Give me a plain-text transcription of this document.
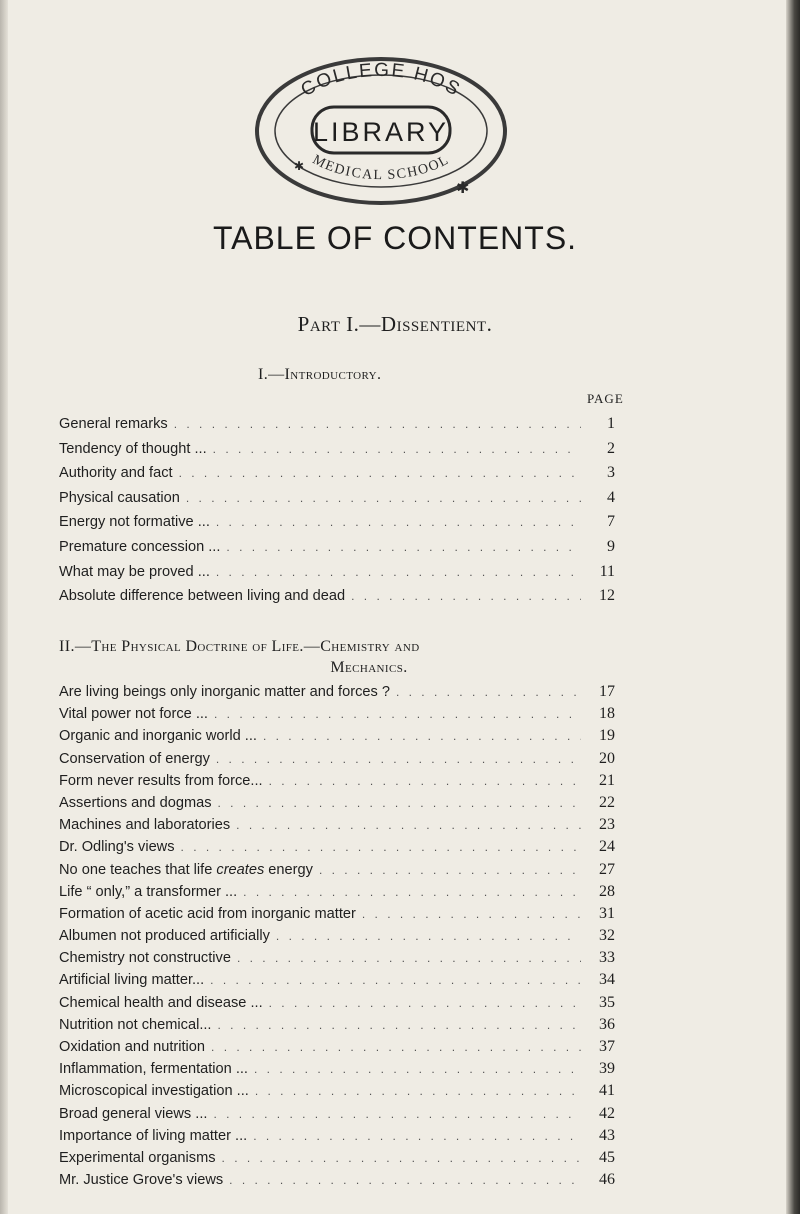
LIBRARY
COLLEGE HOS
MEDICAL SCHOOL
✱
✱
TABLE OF CONTENTS.
Part I.—Dissentient.
I.—Introductory.
PAGE
General remarks . . .	1
Tendency of thought ... . . .	2
Authority and fact . . .	3
Physical causation . . .	4
Energy not formative ... . . .	7
Premature concession ... . . .	9
What may be proved ... . . .	11
Absolute difference between living and dead . . .	12
II.—The Physical Doctrine of Life.—Chemistry and
Mechanics.
Are living beings only inorganic matter and forces ? . . .	17
Vital power not force ... . . .	18
Organic and inorganic world ... . . .	19
Conservation of energy . . .	20
Form never results from force... . . .	21
Assertions and dogmas . . .	22
Machines and laboratories . . .	23
Dr. Odling's views . . .	24
No one teaches that life creates energy . . .	27
Life “ only,” a transformer ... . . .	28
Formation of acetic acid from inorganic matter . . .	31
Albumen not produced artificially . . .	32
Chemistry not constructive . . .	33
Artificial living matter... . . .	34
Chemical health and disease ... . . .	35
Nutrition not chemical... . . .	36
Oxidation and nutrition . . .	37
Inflammation, fermentation ... . . .	39
Microscopical investigation ... . . .	41
Broad general views ... . . .	42
Importance of living matter ... . . .	43
Experimental organisms . . .	45
Mr. Justice Grove's views . . .	46
